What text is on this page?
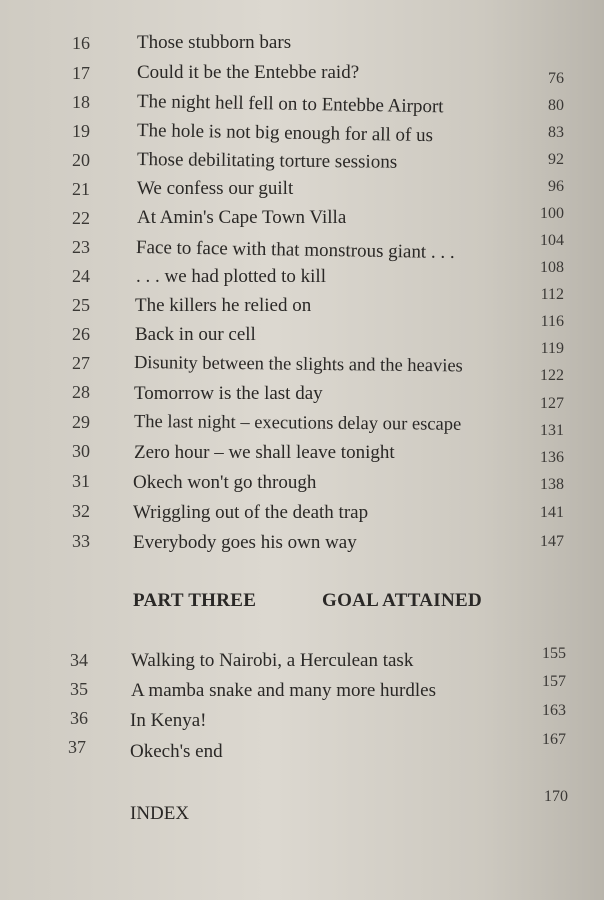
16
17
18
19
20
21
22
23
24
25
26
27
28
29
30
31
32
33
Those stubborn bars
Could it be the Entebbe raid?
The night hell fell on to Entebbe Airport
The hole is not big enough for all of us
Those debilitating torture sessions
We confess our guilt
At Amin's Cape Town Villa
Face to face with that monstrous giant . . .
. . . we had plotted to kill
The killers he relied on
Back in our cell
Disunity between the slights and the heavies
Tomorrow is the last day
The last night – executions delay our escape
Zero hour – we shall leave tonight
Okech won't go through
Wriggling out of the death trap
Everybody goes his own way
76
80
83
92
96
100
104
108
112
116
119
122
127
131
136
138
141
147
PART THREE	GOAL ATTAINED
34
35
36
37
Walking to Nairobi, a Herculean task
A mamba snake and many more hurdles
In Kenya!
Okech's end
155
157
163
167
170
INDEX
